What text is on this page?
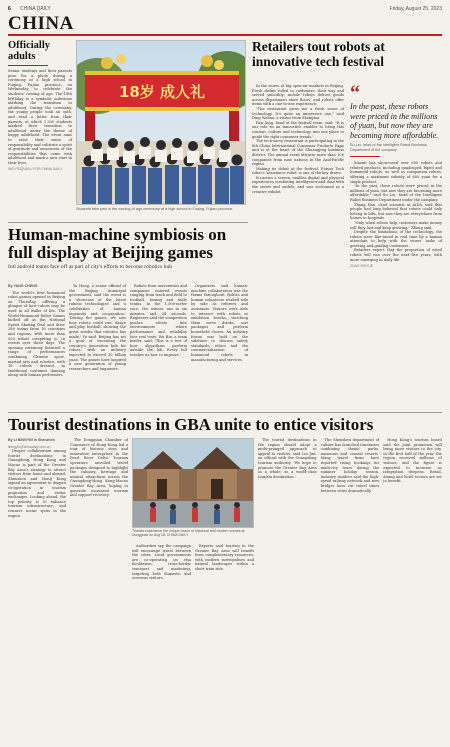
6 CHINA DAILY	Friday, August 25, 2023
CHINA
Officially adults
Senior students and their parents pose for a photo during a ceremony at a high school in Fuqing, Fujian province, on Wednesday to celebrate the students' coming of age. The 18th birthday is a symbolic milestone marking the transition to adulthood. During the ceremony, the young people took an oath, and read a letter from their parents, at which 1,200 students marked their transition to adulthood under the theme of happy adulthood. The event aims to raise their sense of responsibility and cultivate a spirit of gratitude and awareness of the responsibilities that come with adulthood and mark a new start in their lives.
WEI PEIQUAN / FOR CHINA DAILY
18岁 成人礼
Students take part in the coming of age ceremony at a high school in Fuqing, Fujian province.
Retailers tout robots at innovative tech festival

In the stores at big open-air markets in Beijing. Fresh dishes rolled to customers: their way and served smoothly; mobile robots deliver goods across department store floors; and robots offer items with a one-to-one experience.

"The restaurant gives me a fresh sense of technology. It's quite an immersive one," said Ding Wenna, a visitor from Shanghai.

Ren Xing, head of the festival team, said: "It is our role as an innovative enabler to bring this content, culture and technology into one place to guide the right consumer trends."

The tech-savvy restaurant is participating in the 8th China International Consumer Products Expo and is at the heart of the Shuangjing business district. The annual event attracts more than 100 companies from nine nations in the Asia-Pacific region.

Making its debut at the festival, Future Tech robot's 'assistance robot' is one of the key draws.

It carries a screen, enables digital and physical experiences combining intelligence and data with the stores and outlets, and was welcomed as a creative exhibit.

“
In the past, these robots were priced in the millions of yuan, but now they are becoming more affordable.
Su Lei, head of the Intelligent Robot Business Department of the company

Xiaomi has showcased over 600 robots and related products, including quadruped, biped and humanoid robots, as well as companion robots, offering a maximum subsidy of 600 yuan for a single product.

"In the past, these robots were priced in the millions of yuan, but now they are becoming more affordable," said Su Lei, head of the Intelligent Robot Business Department under the company.

Zhang Han, chief scientist at AIDA, said that people had long believed that robots could only belong in labs, but now they are everywhere from homes to hospitals.

"Only when robots help customers make money will they last and keep growing," Zhang said.

Despite the limitations of the technology, the robots were fine-tuned in real time by a human attendant to help with the stores' tasks of greeting and guiding customers.

Retailers expect that the proportion of retail robots will rise over the next five years, with more emerging in daily life.

ZHAO SHIYUE
Human-machine symbiosis on full display at Beijing games
Intl android teams face off as part of city's efforts to become robotics hub
By YANG CHENG

The world's first humanoid robot games opened in Beijing on Thursday, offering a glimpse of how robots may be used in all walks of life. The World Humanoid Robot Games kicked off at the National Speed Skating Oval and drew 280 teams from 16 countries and regions, with more than 500 robots competing in 26 events over three days. The opening ceremony featured a range of performances combining Chinese sport, martial arts and robotics, with 16 robots dressed in traditional costumes dancing along with human performers.

Yu Hong, a senior official of the Beijing municipal government, said the event is a 'showcase of the latest robotic technologies' and 'a celebration of human ingenuity and cooperation.' 'During the games, we saw how robots could run, dance and play football, showing the great strides that robotics has made,' Yu said. Beijing has set a goal of becoming the country's innovation hub for robots, with an industry expected to exceed 30 billion yuan. The games have inspired a new generation of young researchers and engineers.

Robots from universities and companies entered events ranging from track and field to football, boxing and table tennis. In the 1,500-meter race, the winner ran in six minutes and 34 seconds. Engineers said the competition pushes robots into environments where performance and reliability face real tests. Wu Bin, a team leader, said: 'This is a test of how algorithms perform outside the lab. Every fall teaches us how to improve.'

Organizers said human-machine collaboration was the theme throughout. Robots and human volunteers worked side by side as referees and assistants. Visitors were able to interact with robots at exhibition booths, watching them serve drinks, sort packages and perform household chores. An industry forum was held on the sidelines to discuss safety standards, ethics and the commercialization of humanoid robots in manufacturing and services.

Tourist destinations in GBA unite to entice visitors
By LI BINGYIN in Shenzhen
libingyin@chinadaily.com.cn

Deeper collaboration among tourist destinations in Guangdong, Hong Kong and Macao is part of the Greater Bay Area's strategy to attract visitors from home and abroad. Shenzhen and Hong Kong signed an agreement to deepen co-operation in tourism promotion and visitor exchanges. Looking ahead, the top priority is to enhance tourism infrastructure, and connect scenic spots in the region.

The Dongguan Chamber of Commerce of Hong Kong led a tour of historic sites and innovative enterprises in the Pearl River Delta. Tourism operators unveiled travel packages designed to highlight the culinary, heritage and natural attractions across the Guangdong-Hong Kong-Macao Greater Bay Area, hoping to generate increased tourism and support recovery.

Tourists experience the unique charm of historical and modern scenes at Dongguan on Aug 18. CHINA DAILY

Authorities say the campaign will encourage travel between the cities. Local governments are co-operating on visa facilitation, cross-border transport and marketing, targeting both domestic and overseas visitors.

Experts said tourism in the Greater Bay Area will benefit from complementary resources, with modern metropolises and natural landscapes within a short train ride.

The tourist destinations in the region should adopt a multi-pronged approach to appeal to visitors, said Liu Jun, an official with the Guangdong tourism authority. 'We hope to promote the Greater Bay Area as a whole, as a world-class tourism destination.'

The Shenzhen department of culture has launched itineraries combining theme parks, museums and coastal resorts. Many travel firms have reported rising bookings for multi-city tours during the summer holiday season. Industry insiders said the high-speed railway network and new bridges have cut travel times between cities dramatically.

Hong Kong's tourism board said the joint promotion will bring more visitors to the city. In the first half of the year, the region received millions of visitors, and the figure is expected to increase as integration deepens. Retail, dining and hotel sectors are set to benefit.
